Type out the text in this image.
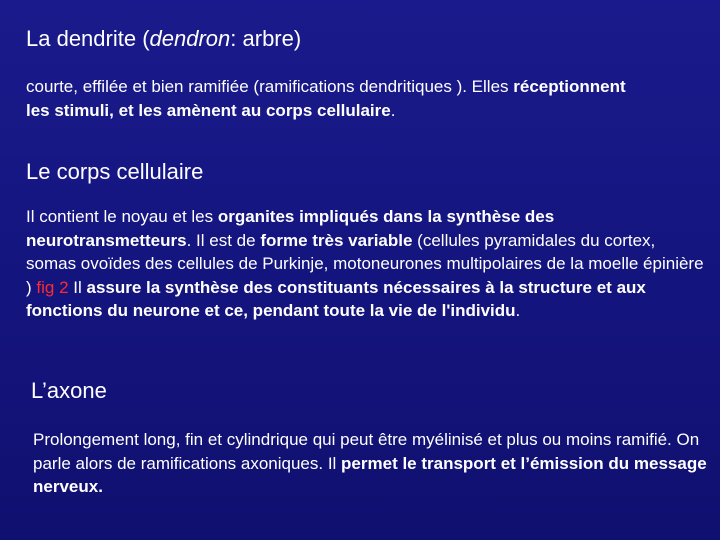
La dendrite (dendron: arbre)
courte, effilée et bien ramifiée (ramifications dendritiques ). Elles réceptionnent les stimuli, et les amènent au corps cellulaire.
Le corps cellulaire
Il contient le noyau et les organites impliqués dans la synthèse des neurotransmetteurs. Il est de forme très variable (cellules pyramidales du cortex, somas ovoïdes des cellules de Purkinje, motoneurones multipolaires de la moelle épinière ) fig 2 Il assure la synthèse des constituants nécessaires à la structure et aux fonctions du neurone et ce, pendant toute la vie de l'individu.
L’axone
Prolongement long, fin et cylindrique qui peut être myélinisé et plus ou moins ramifié. On parle alors de ramifications axoniques. Il permet le transport et l’émission du message nerveux.
